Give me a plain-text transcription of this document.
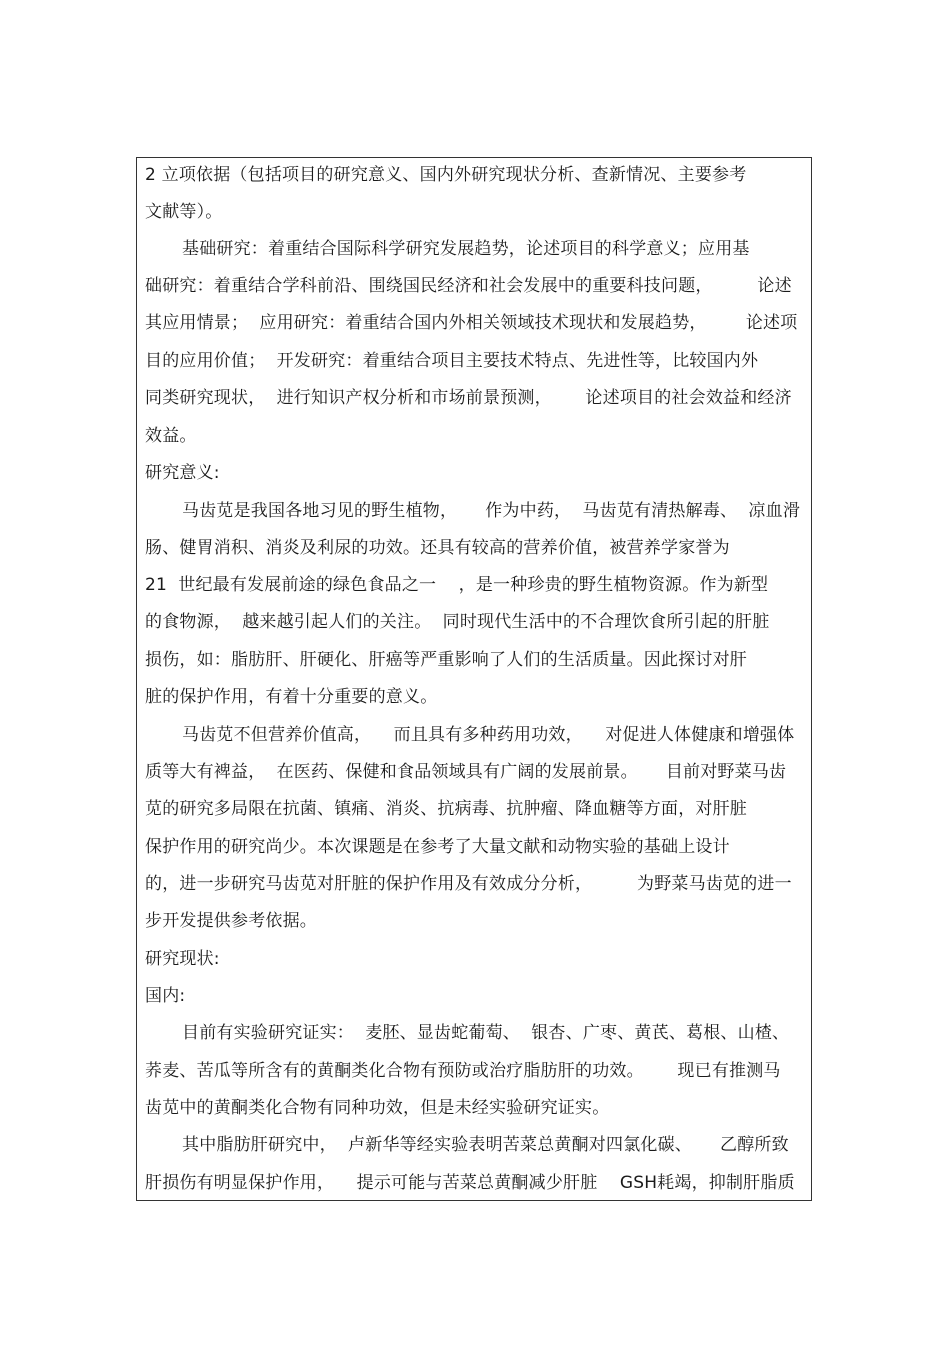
2 立项依据（包括项目的研究意义、国内外研究现状分析、查新情况、主要参考
文献等）。
基础研究：着重结合国际科学研究发展趋势，论述项目的科学意义；应用基
础研究：着重结合学科前沿、围绕国民经济和社会发展中的重要科技问题，        论述
其应用情景；  应用研究：着重结合国内外相关领域技术现状和发展趋势，       论述项
目的应用价值；  开发研究：着重结合项目主要技术特点、先进性等，比较国内外
同类研究现状，  进行知识产权分析和市场前景预测，      论述项目的社会效益和经济
效益。
研究意义:
马齿苋是我国各地习见的野生植物，     作为中药，  马齿苋有清热解毒、  凉血滑
肠、健胃消积、消炎及利尿的功效。还具有较高的营养价值，被营养学家誉为
21  世纪最有发展前途的绿色食品之一    ，是一种珍贵的野生植物资源。作为新型
的食物源，  越来越引起人们的关注。  同时现代生活中的不合理饮食所引起的肝脏
损伤，如：脂肪肝、肝硬化、肝癌等严重影响了人们的生活质量。因此探讨对肝
脏的保护作用，有着十分重要的意义。
马齿苋不但营养价值高，    而且具有多种药用功效，    对促进人体健康和增强体
质等大有裨益，  在医药、保健和食品领域具有广阔的发展前景。     目前对野菜马齿
苋的研究多局限在抗菌、镇痛、消炎、抗病毒、抗肿瘤、降血糖等方面，对肝脏
保护作用的研究尚少。本次课题是在参考了大量文献和动物实验的基础上设计
的，进一步研究马齿苋对肝脏的保护作用及有效成分分析，        为野菜马齿苋的进一
步开发提供参考依据。
研究现状:
国内:
目前有实验研究证实：  麦胚、显齿蛇葡萄、  银杏、广枣、黄芪、葛根、山楂、
荞麦、苦瓜等所含有的黄酮类化合物有预防或治疗脂肪肝的功效。      现已有推测马
齿苋中的黄酮类化合物有同种功效，但是未经实验研究证实。
其中脂肪肝研究中，  卢新华等经实验表明苦菜总黄酮对四氯化碳、     乙醇所致
肝损伤有明显保护作用，    提示可能与苦菜总黄酮减少肝脏    GSH耗竭，抑制肝脂质
